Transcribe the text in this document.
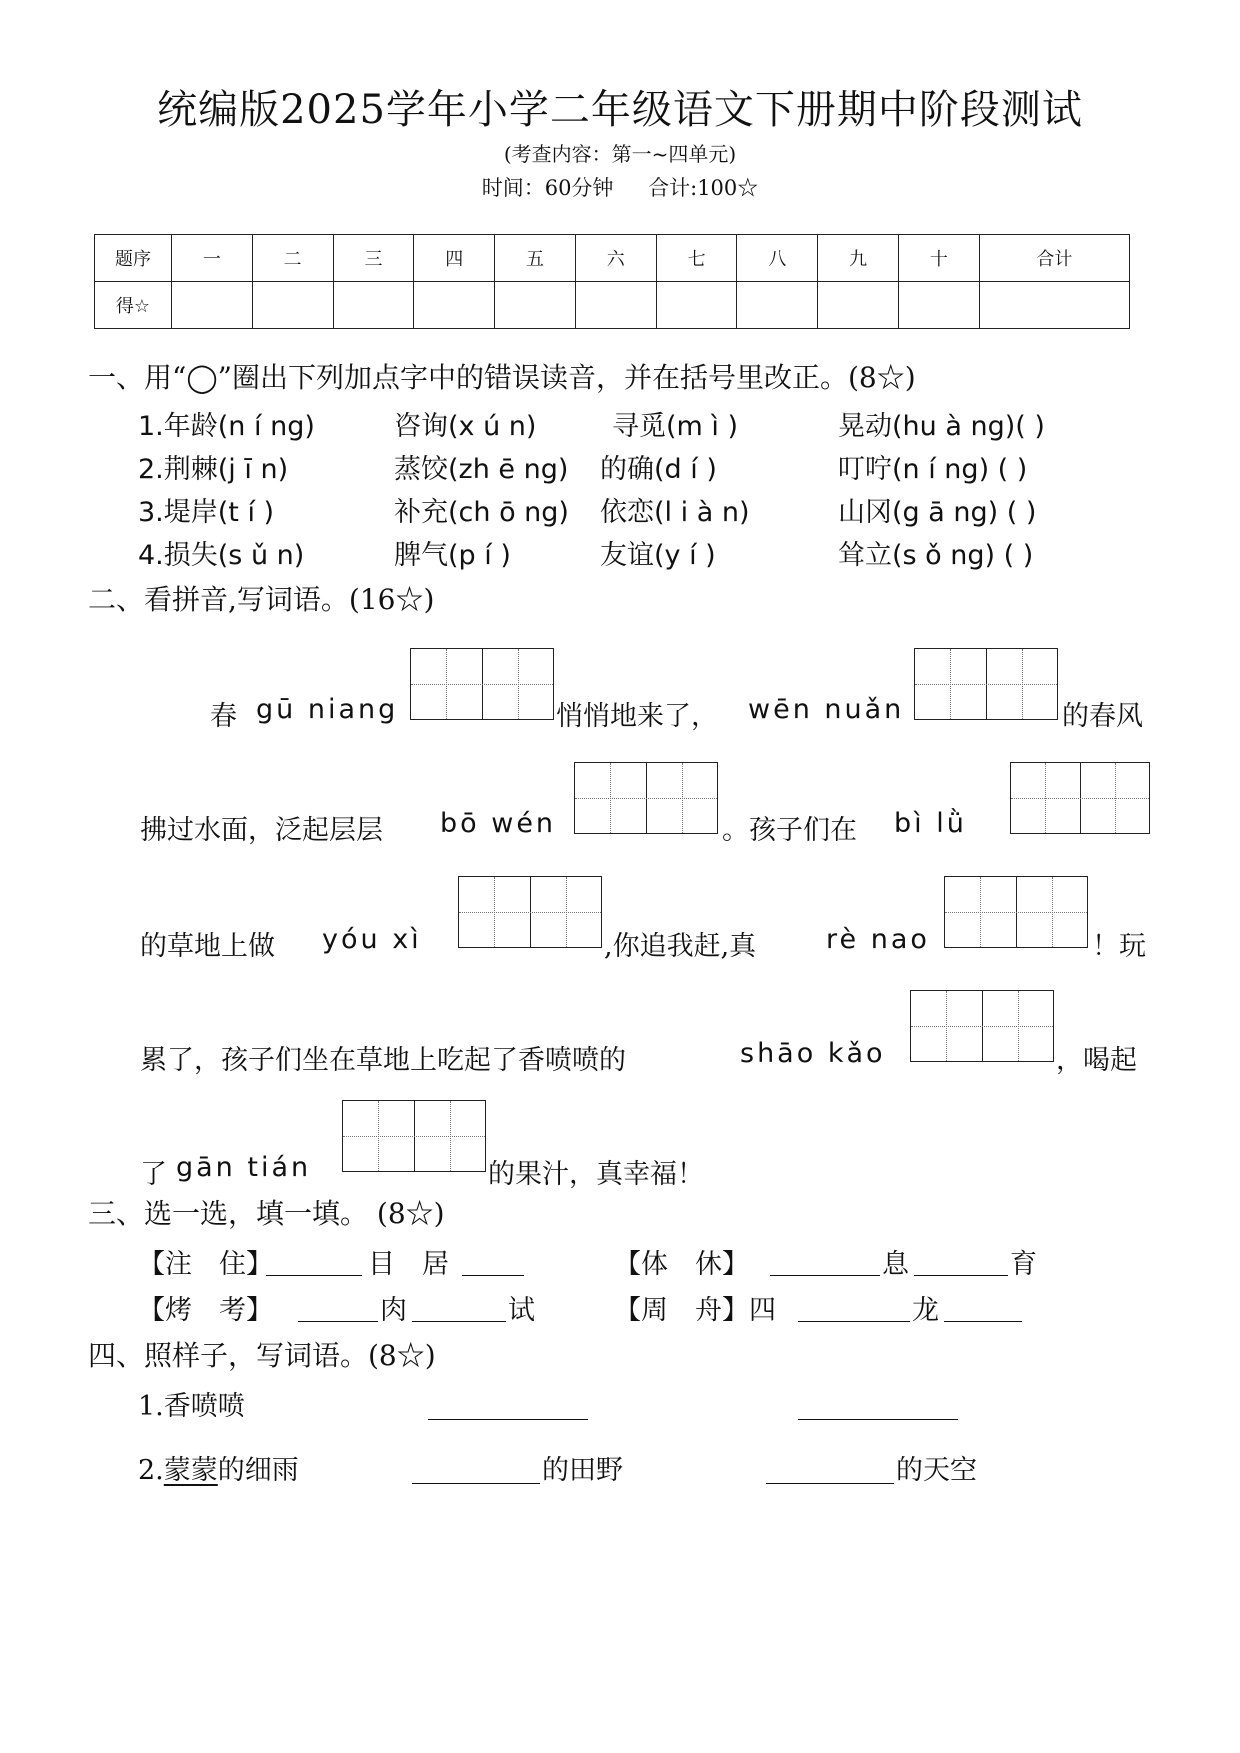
统编版2025学年小学二年级语文下册期中阶段测试
(考查内容：第一~四单元)
时间：60分钟 合计:100☆
题序	一	二	三	四	五	六	七	八	九	十	合计
得☆											
一、用“◯”圈出下列加点字中的错误读音，并在括号里改正。(8☆)
1.年龄(n í ng)	咨询(x ú n)	寻觅(m ì )	晃动(hu à ng)( )
2.荆棘(j ī n)	蒸饺(zh ē ng) 的确(d í )	叮咛(n í ng) ( )
3.堤岸(t í )	补充(ch ō ng) 依恋(l i à n)	山冈(g ā ng) ( )
4.损失(s ǔ n)	脾气(p í )	友谊(y í )	耸立(s ǒ ng) ( )
二、看拼音,写词语。(16☆)
春 gū niang	悄悄地来了， wēn nuǎn	的春风
拂过水面，泛起层层 bō wén	。孩子们在 bì lǜ
的草地上做 yóu xì	,你追我赶,真	rè nao	！玩
累了，孩子们坐在草地上吃起了香喷喷的	shāo kǎo	，喝起
了 gān tián	的果汁，真幸福！
三、选一选，填一填。 (8☆)
【注　住】	目　居	【体　休】	息	育
【烤　考】	肉	试	【周　舟】四	龙
四、照样子，写词语。(8☆)
1.香喷喷
2.蒙蒙的细雨	的田野	的天空
